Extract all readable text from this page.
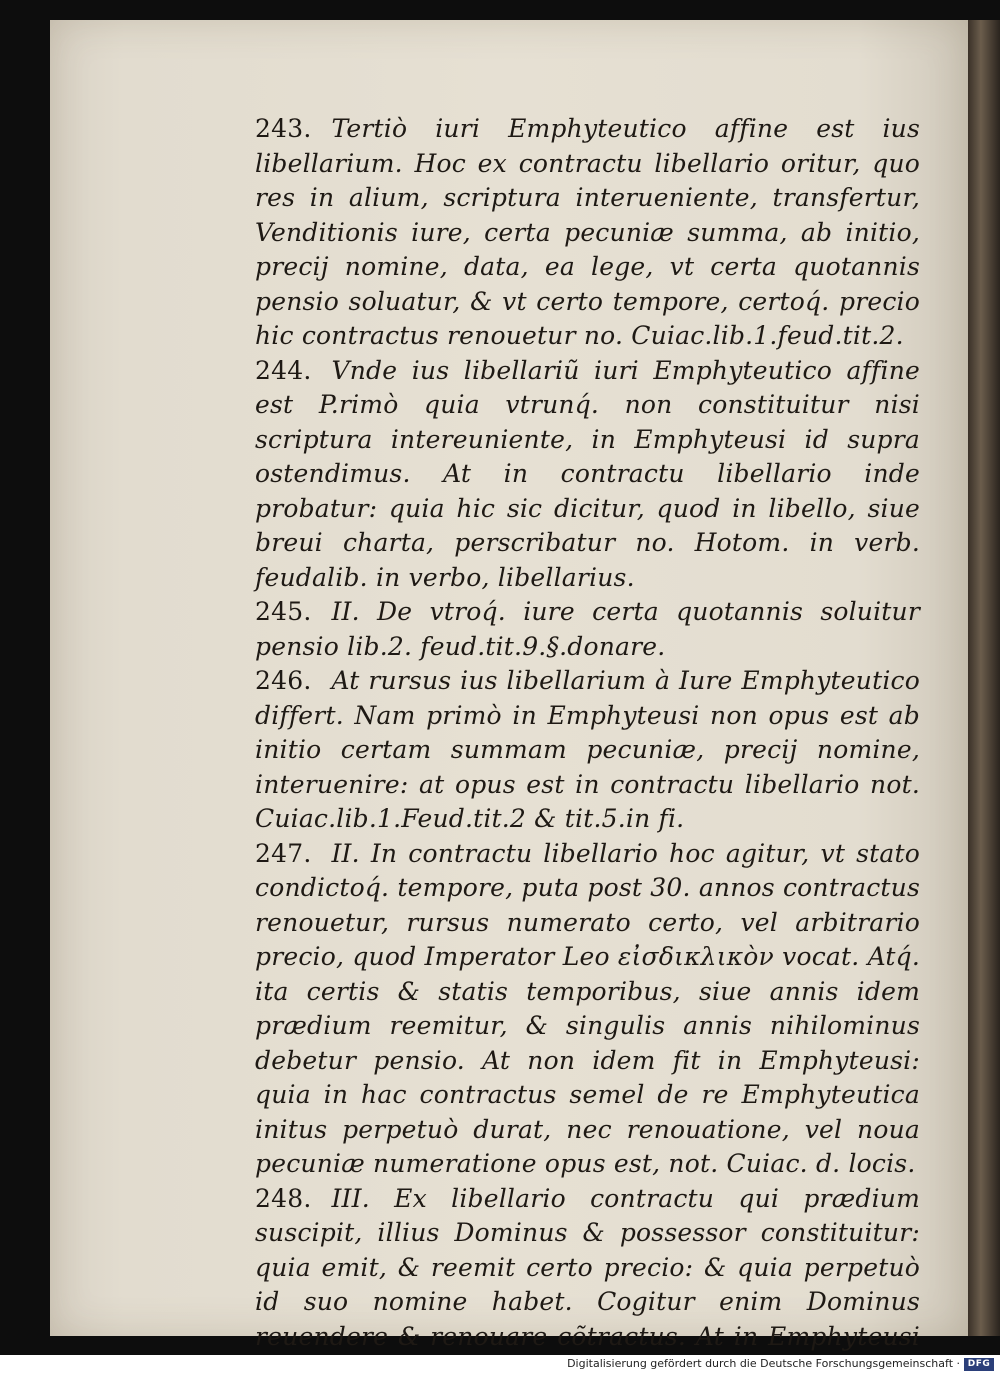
243. Tertiò iuri Emphyteutico affine est ius libellarium. Hoc ex contractu libellario oritur, quo res in alium, scriptura interueniente, transfertur, Venditionis iure, certa pecuniæ summa, ab initio, precij nomine, data, ea lege, vt certa quotannis pensio soluatur, & vt certo tempore, certoq́. precio hic contractus renouetur no. Cuiac.lib.1.feud.tit.2.

244. Vnde ius libellariũ iuri Emphyteutico affine est P.rimò quia vtrunq́. non constituitur nisi scriptura intereuniente, in Emphyteusi id supra ostendimus. At in contractu libellario inde probatur: quia hic sic dicitur, quod in libello, siue breui charta, perscribatur no. Hotom. in verb. feudalib. in verbo, libellarius.

245. II. De vtroq́. iure certa quotannis soluitur pensio lib.2. feud.tit.9.§.donare.

246. At rursus ius libellarium à Iure Emphyteutico differt. Nam primò in Emphyteusi non opus est ab initio certam summam pecuniæ, precij nomine, interuenire: at opus est in contractu libellario not. Cuiac.lib.1.Feud.tit.2 & tit.5.in fi.

247. II. In contractu libellario hoc agitur, vt stato condictoq́. tempore, puta post 30. annos contractus renouetur, rursus numerato certo, vel arbitrario precio, quod Imperator Leo εἰσδικλικὸν vocat. Atq́. ita certis & statis temporibus, siue annis idem prædium reemitur, & singulis annis nihilominus debetur pensio. At non idem fit in Emphyteusi: quia in hac contractus semel de re Emphyteutica initus perpetuò durat, nec renouatione, vel noua pecuniæ numeratione opus est, not. Cuiac. d. locis.

248. III. Ex libellario contractu qui prædium suscipit, illius Dominus & possessor constituitur: quia emit, & reemit certo precio: & quia perpetuò id suo nomine habet. Cogitur enim Dominus reuendere & renouare cõtractus. At in Emphyteusi

Digitalisierung gefördert durch die Deutsche Forschungsgemeinschaft · DFG
